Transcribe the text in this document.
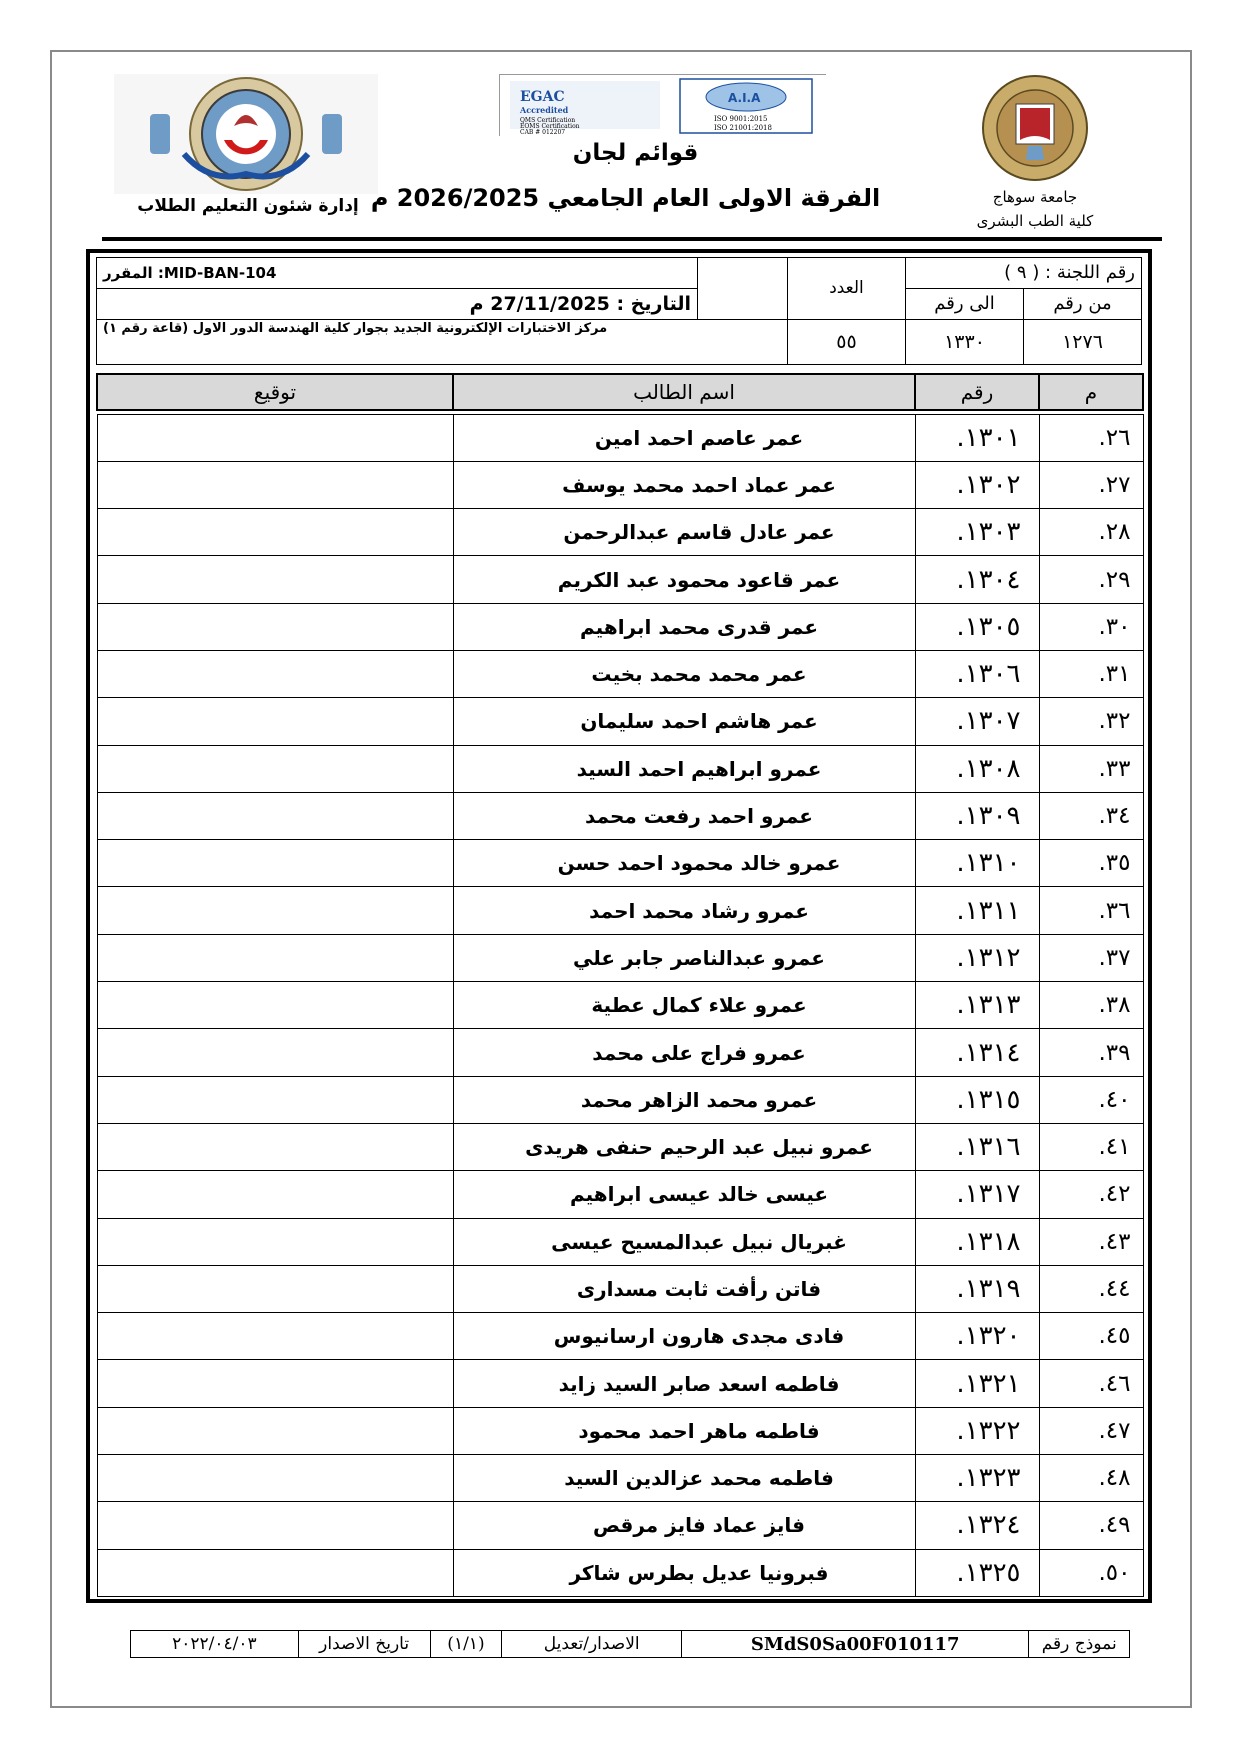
EGAC
Accredited
QMS Certification
EOMS Certification
CAB # 012207
A.I.A
ISO 9001:2015
ISO 21001:2018
قوائم لجان
الفرقة الاولى العام الجامعي 2026/2025 م
إدارة شئون التعليم الطلاب	جامعة سوهاج
كلية الطب البشرى
رقم اللجنة : ( ٩ )		العدد		المقرر :MID-BAN-104
من رقم	الى رقم			التاريخ : 27/11/2025 م
١٢٧٦	١٣٣٠	٥٥	مركز الاختبارات الإلكترونية الجديد بجوار كلية الهندسة الدور الاول (قاعة رقم ١)	
م	رقم	اسم الطالب	توقيع

٢٦.	١٣٠١.	عمر عاصم احمد امين	
٢٧.	١٣٠٢.	عمر عماد احمد محمد يوسف	
٢٨.	١٣٠٣.	عمر عادل قاسم عبدالرحمن	
٢٩.	١٣٠٤.	عمر قاعود محمود عبد الكريم	
٣٠.	١٣٠٥.	عمر قدرى محمد ابراهيم	
٣١.	١٣٠٦.	عمر محمد محمد بخيت	
٣٢.	١٣٠٧.	عمر هاشم احمد سليمان	
٣٣.	١٣٠٨.	عمرو ابراهيم احمد السيد	
٣٤.	١٣٠٩.	عمرو احمد رفعت محمد	
٣٥.	١٣١٠.	عمرو خالد محمود احمد حسن	
٣٦.	١٣١١.	عمرو رشاد محمد احمد	
٣٧.	١٣١٢.	عمرو عبدالناصر جابر علي	
٣٨.	١٣١٣.	عمرو علاء كمال عطية	
٣٩.	١٣١٤.	عمرو فراج على محمد	
٤٠.	١٣١٥.	عمرو محمد الزاهر محمد	
٤١.	١٣١٦.	عمرو نبيل عبد الرحيم حنفى هريدى	
٤٢.	١٣١٧.	عيسى خالد عيسى ابراهيم	
٤٣.	١٣١٨.	غبريال نبيل عبدالمسيح عيسى	
٤٤.	١٣١٩.	فاتن رأفت ثابت مسدارى	
٤٥.	١٣٢٠.	فادى مجدى هارون ارسانيوس	
٤٦.	١٣٢١.	فاطمه اسعد صابر السيد زايد	
٤٧.	١٣٢٢.	فاطمه ماهر احمد محمود	
٤٨.	١٣٢٣.	فاطمه محمد عزالدين السيد	
٤٩.	١٣٢٤.	فايز عماد فايز مرقص	
٥٠.	١٣٢٥.	فبرونيا عديل بطرس شاكر	
نموذج رقم	SMdS0Sa00F010117	الاصدار/تعديل	(١/١)	تاريخ الاصدار	٢٠٢٢/٠٤/٠٣
